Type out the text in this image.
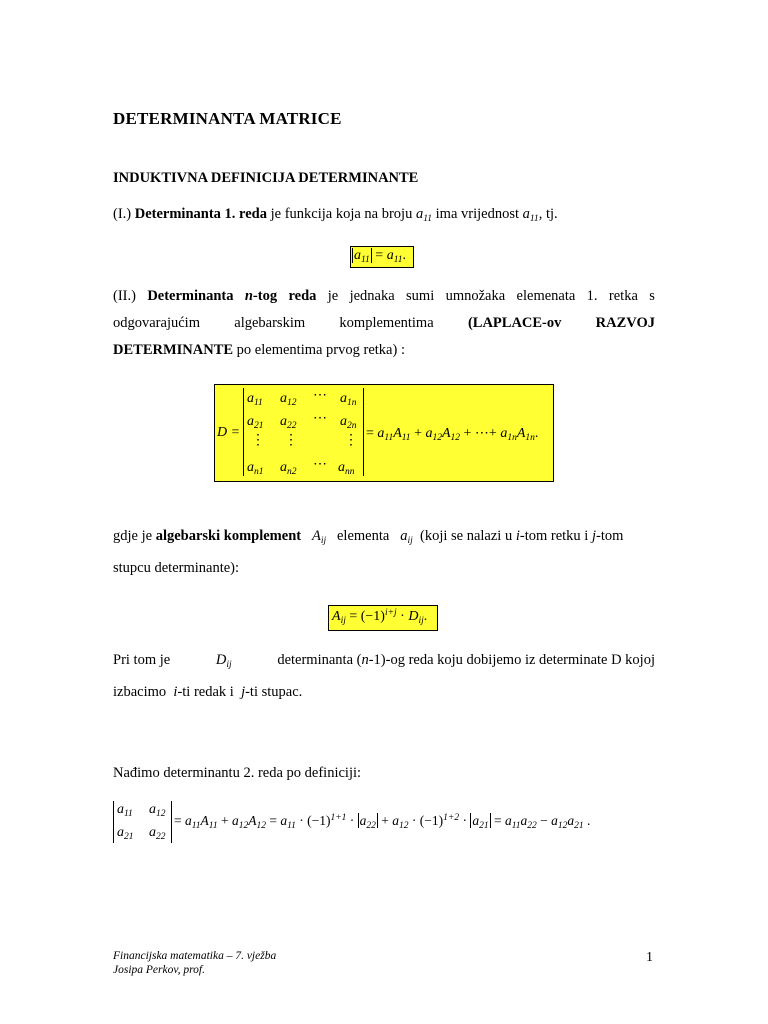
DETERMINANTA MATRICE
INDUKTIVNA DEFINICIJA DETERMINANTE
(I.) Determinanta 1. reda je funkcija koja na broju $a_{11}$ ima vrijednost $a_{11}$, tj.
$a_{11} = a_{11}$.
(II.) Determinanta n-tog reda je jednaka sumi umnožaka elemenata 1. retka s
odgovarajućim algebarskim komplementima (LAPLACE-ov RAZVOJ
DETERMINANTE po elementima prvog retka) :
D =
$a_{11}$ $a_{12}$ ⋯ $a_{1n}$
$a_{21}$ $a_{22}$ ⋯ $a_{2n}$
⋮ ⋮	⋮
$a_{n1}$ $a_{n2}$ ⋯ $a_{nn}$
= $a_{11}A_{11} + a_{12}A_{12}$ + ⋯+ $a_{1n}A_{1n}$.
gdje je algebarski komplement $A_{ij}$   elementa   $a_{ij}$ (koji se nalazi u i-tom retku i j-tom
stupcu determinante):
$A_{ij} = (-1)^{i+j} \cdot D_{ij}$.
Pri tom je	$D_{ij}$	determinanta (n-1)-og reda koju dobijemo iz determinate D kojoj
izbacimo  i-ti redak i  j-ti stupac.
Nađimo determinantu 2. reda po definiciji:
$a_{11}$ $a_{12}$
$a_{21}$ $a_{22}$
= $a_{11}A_{11} + a_{12}A_{12} = a_{11} \cdot (-1)^{1+1} \cdot a_{22} + a_{12} \cdot (-1)^{1+2} \cdot a_{21} = a_{11}a_{22} - a_{12}a_{21}$ .
Financijska matematika – 7. vježba
Josipa Perkov, prof.
1
